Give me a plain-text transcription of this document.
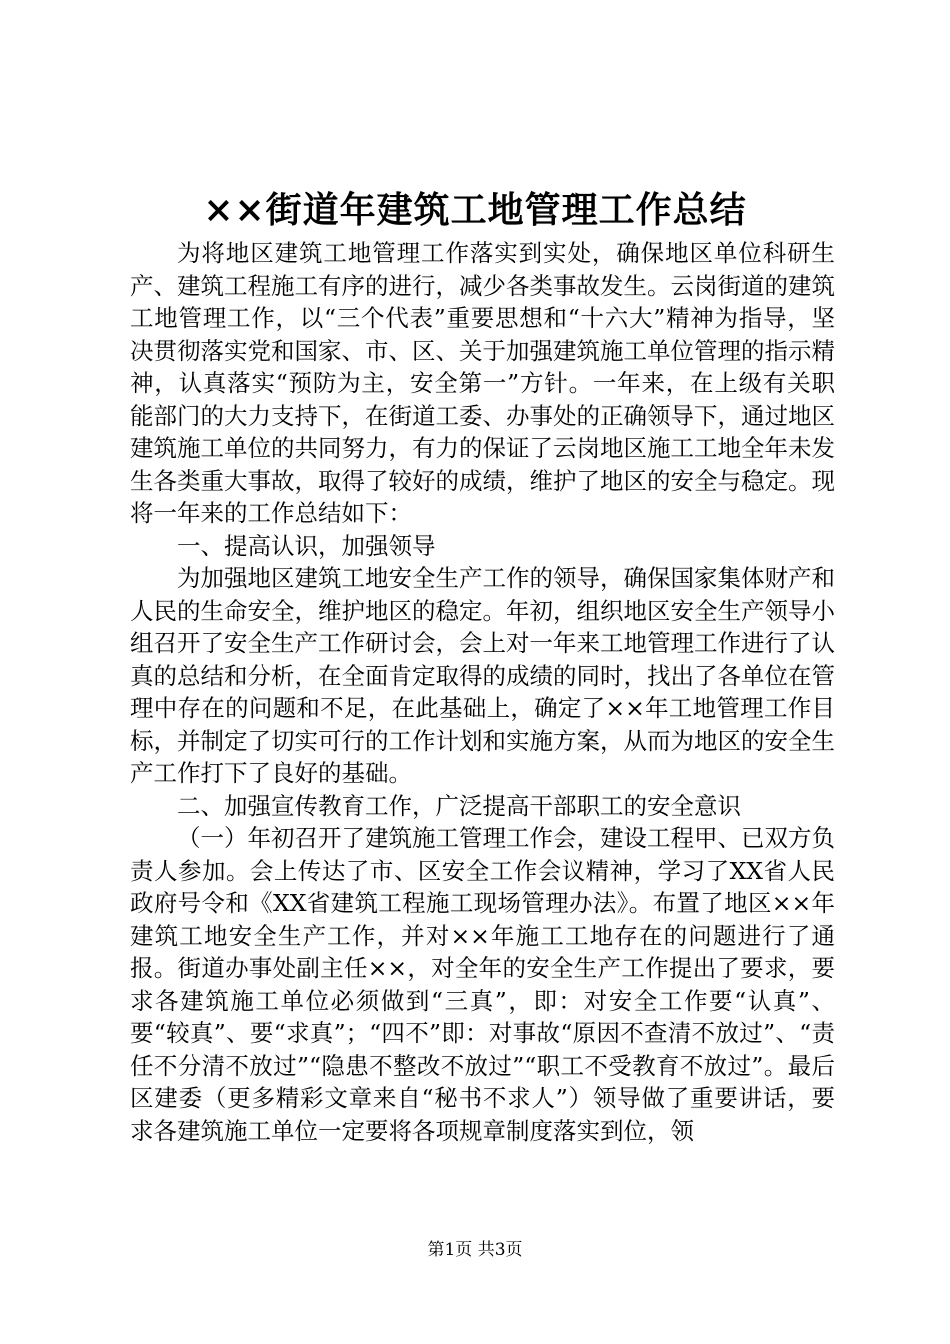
××街道年建筑工地管理工作总结

为将地区建筑工地管理工作落实到实处，确保地区单位科研生产、建筑工程施工有序的进行，减少各类事故发生。云岗街道的建筑工地管理工作，以“三个代表”重要思想和“十六大”精神为指导，坚决贯彻落实党和国家、市、区、关于加强建筑施工单位管理的指示精神，认真落实“预防为主，安全第一”方针。一年来，在上级有关职能部门的大力支持下，在街道工委、办事处的正确领导下，通过地区建筑施工单位的共同努力，有力的保证了云岗地区施工工地全年未发生各类重大事故，取得了较好的成绩，维护了地区的安全与稳定。现将一年来的工作总结如下：

一、提高认识，加强领导

为加强地区建筑工地安全生产工作的领导，确保国家集体财产和人民的生命安全，维护地区的稳定。年初，组织地区安全生产领导小组召开了安全生产工作研讨会，会上对一年来工地管理工作进行了认真的总结和分析，在全面肯定取得的成绩的同时，找出了各单位在管理中存在的问题和不足，在此基础上，确定了××年工地管理工作目标，并制定了切实可行的工作计划和实施方案，从而为地区的安全生产工作打下了良好的基础。

二、加强宣传教育工作，广泛提高干部职工的安全意识

（一）年初召开了建筑施工管理工作会，建设工程甲、已双方负责人参加。会上传达了市、区安全工作会议精神，学习了XX省人民政府号令和《XX省建筑工程施工现场管理办法》。布置了地区××年建筑工地安全生产工作，并对××年施工工地存在的问题进行了通报。街道办事处副主任××，对全年的安全生产工作提出了要求，要求各建筑施工单位必须做到“三真”，即：对安全工作要“认真”、要“较真”、要“求真”；“四不”即：对事故“原因不查清不放过”、“责任不分清不放过”“隐患不整改不放过”“职工不受教育不放过”。最后区建委（更多精彩文章来自“秘书不求人”）领导做了重要讲话，要求各建筑施工单位一定要将各项规章制度落实到位，领

第1页 共3页
